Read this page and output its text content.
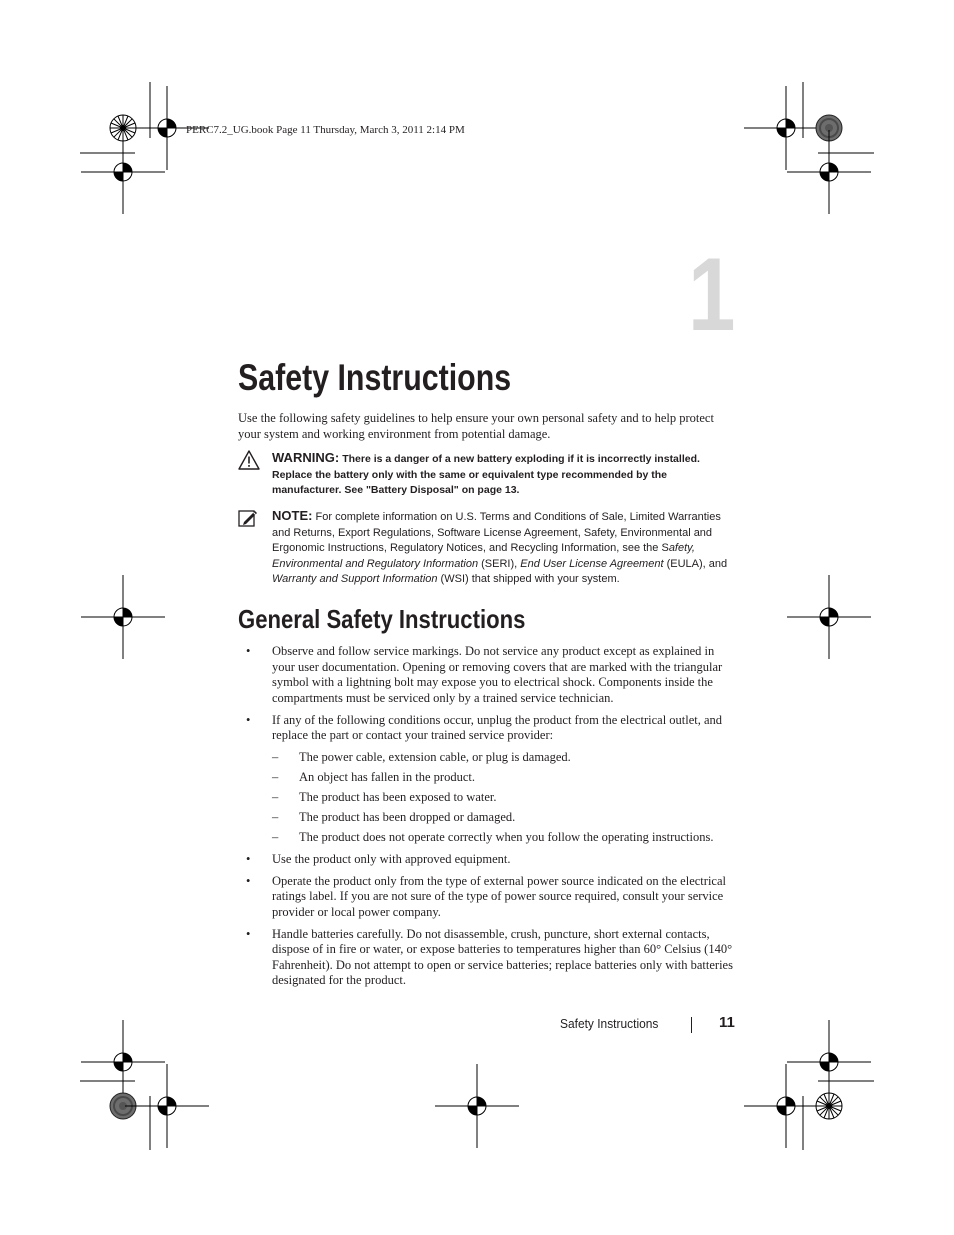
PERC7.2_UG.book Page 11 Thursday, March 3, 2011 2:14 PM
1
Safety Instructions

Use the following safety guidelines to help ensure your own personal safety and to help protect your system and working environment from potential damage.

WARNING: There is a danger of a new battery exploding if it is incorrectly installed. Replace the battery only with the same or equivalent type recommended by the manufacturer. See "Battery Disposal" on page 13.
NOTE: For complete information on U.S. Terms and Conditions of Sale, Limited Warranties and Returns, Export Regulations, Software License Agreement, Safety, Environmental and Ergonomic Instructions, Regulatory Notices, and Recycling Information, see the Safety, Environmental and Regulatory Information (SERI), End User License Agreement (EULA), and Warranty and Support Information (WSI) that shipped with your system.
General Safety Instructions
• Observe and follow service markings. Do not service any product except as explained in your user documentation. Opening or removing covers that are marked with the triangular symbol with a lightning bolt may expose you to electrical shock. Components inside the compartments must be serviced only by a trained service technician.
• If any of the following conditions occur, unplug the product from the electrical outlet, and replace the part or contact your trained service provider:
– The power cable, extension cable, or plug is damaged.
– An object has fallen in the product.
– The product has been exposed to water.
– The product has been dropped or damaged.
– The product does not operate correctly when you follow the operating instructions.
• Use the product only with approved equipment.
• Operate the product only from the type of external power source indicated on the electrical ratings label. If you are not sure of the type of power source required, consult your service provider or local power company.
• Handle batteries carefully. Do not disassemble, crush, puncture, short external contacts, dispose of in fire or water, or expose batteries to temperatures higher than 60° Celsius (140° Fahrenheit). Do not attempt to open or service batteries; replace batteries only with batteries designated for the product.
Safety Instructions	11
